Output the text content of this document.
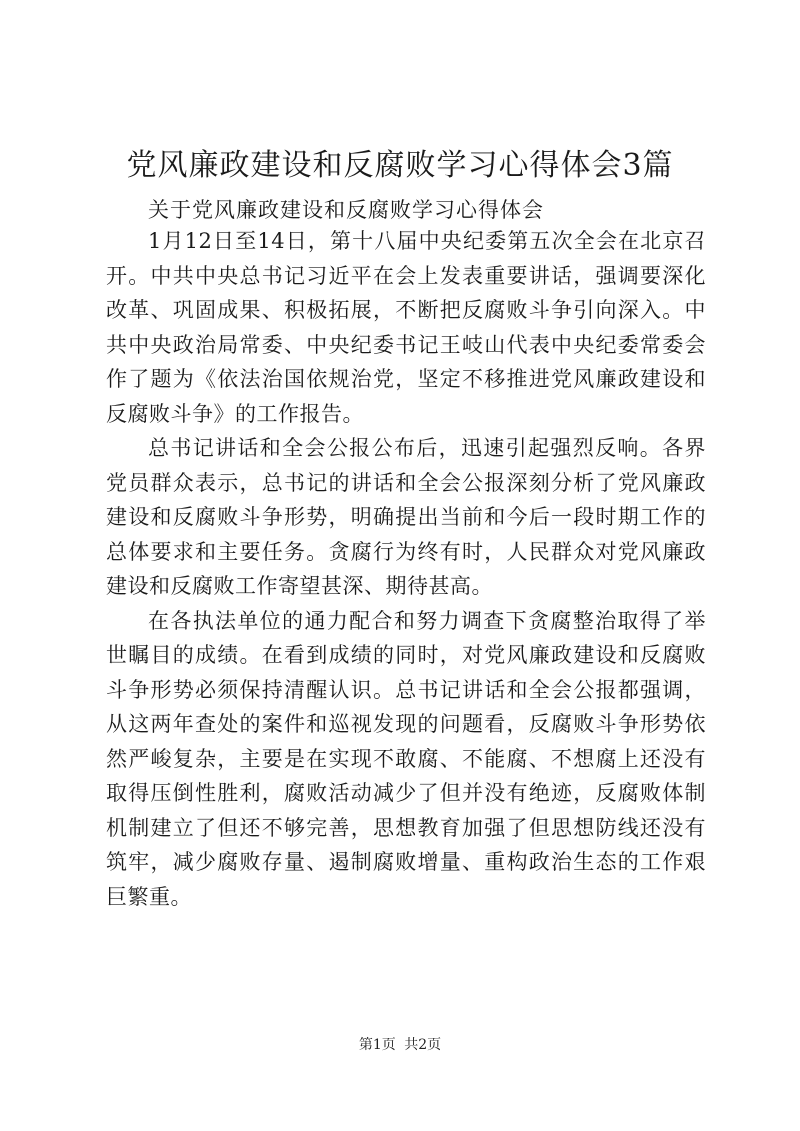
党风廉政建设和反腐败学习心得体会3篇

关于党风廉政建设和反腐败学习心得体会

1月12日至14日，第十八届中央纪委第五次全会在北京召开。中共中央总书记习近平在会上发表重要讲话，强调要深化改革、巩固成果、积极拓展，不断把反腐败斗争引向深入。中共中央政治局常委、中央纪委书记王岐山代表中央纪委常委会作了题为《依法治国依规治党，坚定不移推进党风廉政建设和反腐败斗争》的工作报告。

总书记讲话和全会公报公布后，迅速引起强烈反响。各界党员群众表示，总书记的讲话和全会公报深刻分析了党风廉政建设和反腐败斗争形势，明确提出当前和今后一段时期工作的总体要求和主要任务。贪腐行为终有时，人民群众对党风廉政建设和反腐败工作寄望甚深、期待甚高。

在各执法单位的通力配合和努力调查下贪腐整治取得了举世瞩目的成绩。在看到成绩的同时，对党风廉政建设和反腐败斗争形势必须保持清醒认识。总书记讲话和全会公报都强调，从这两年查处的案件和巡视发现的问题看，反腐败斗争形势依然严峻复杂，主要是在实现不敢腐、不能腐、不想腐上还没有取得压倒性胜利，腐败活动减少了但并没有绝迹，反腐败体制机制建立了但还不够完善，思想教育加强了但思想防线还没有筑牢，减少腐败存量、遏制腐败增量、重构政治生态的工作艰巨繁重。

第1页 共2页
